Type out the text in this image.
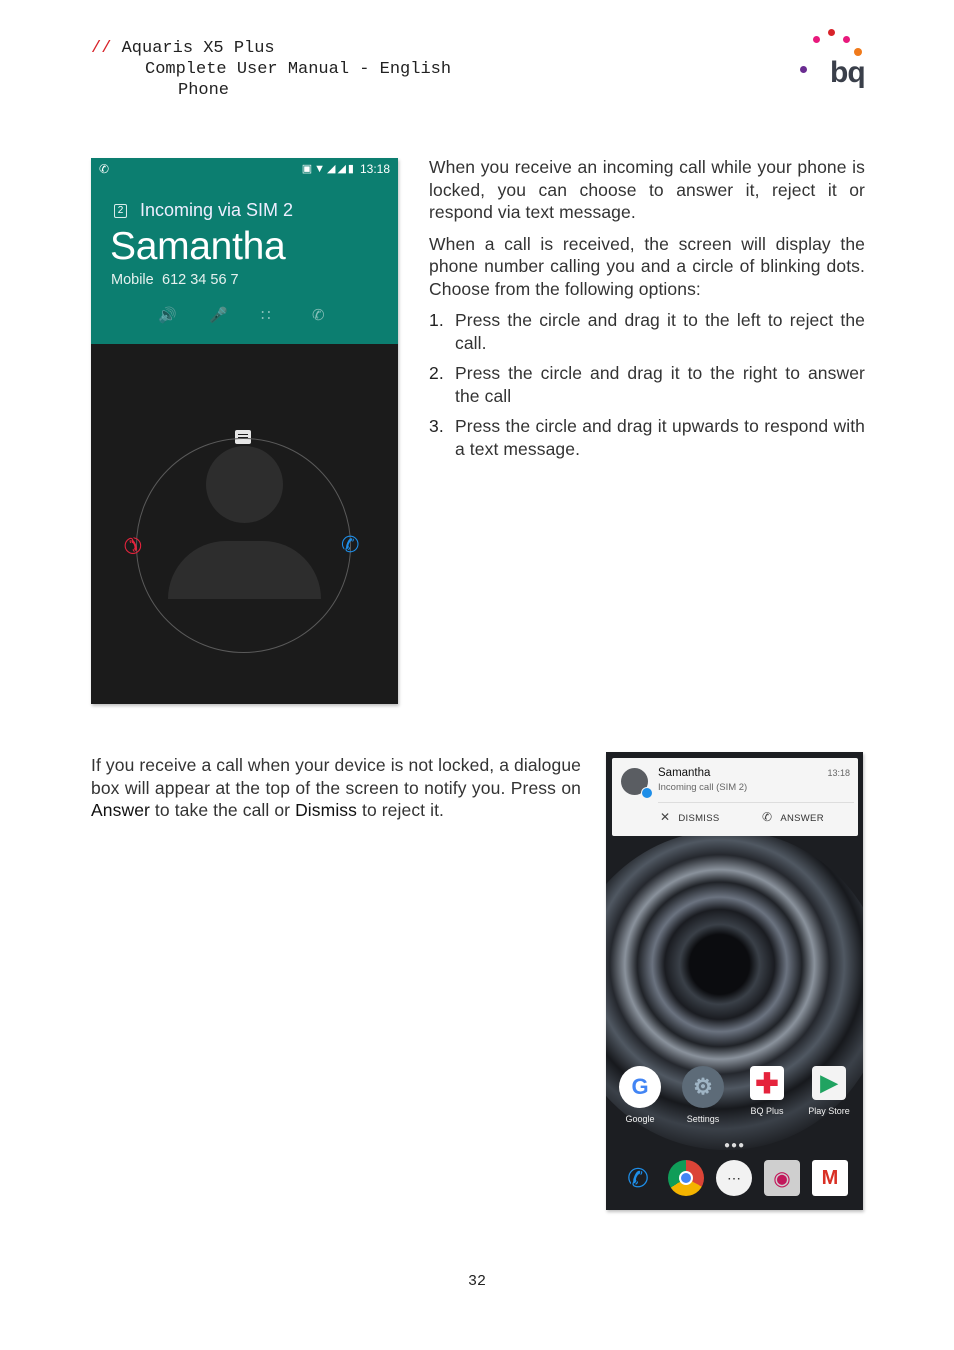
// Aquaris X5 Plus
Complete User Manual - English
Phone
bq
✆	▣▼◢◢▮ 13:18
2 Incoming via SIM 2
Samantha
Mobile 612 34 56 7
🔊 🎤 ∷	✆
✆	✆

When you receive an incoming call while your phone is locked, you can choose to answer it, reject it or respond via text message.

When a call is received, the screen will display the phone number calling you and a circle of blinking dots. Choose from the following options:

1. Press the circle and drag it to the left to reject the call.
2. Press the circle and drag it to the right to answer the call
3. Press the circle and drag it upwards to respond with a text message.
If you receive a call when your device is not locked, a dialogue box will appear at the top of the screen to notify you. Press on Answer to take the call or Dismiss to reject it.
Samantha
Incoming call (SIM 2)
13:18
✕ DISMISS	✆ ANSWER
G
Google
⚙
Settings
✚
BQ Plus
▶
Play Store
●●●
✆	⋯	◉	M
32
